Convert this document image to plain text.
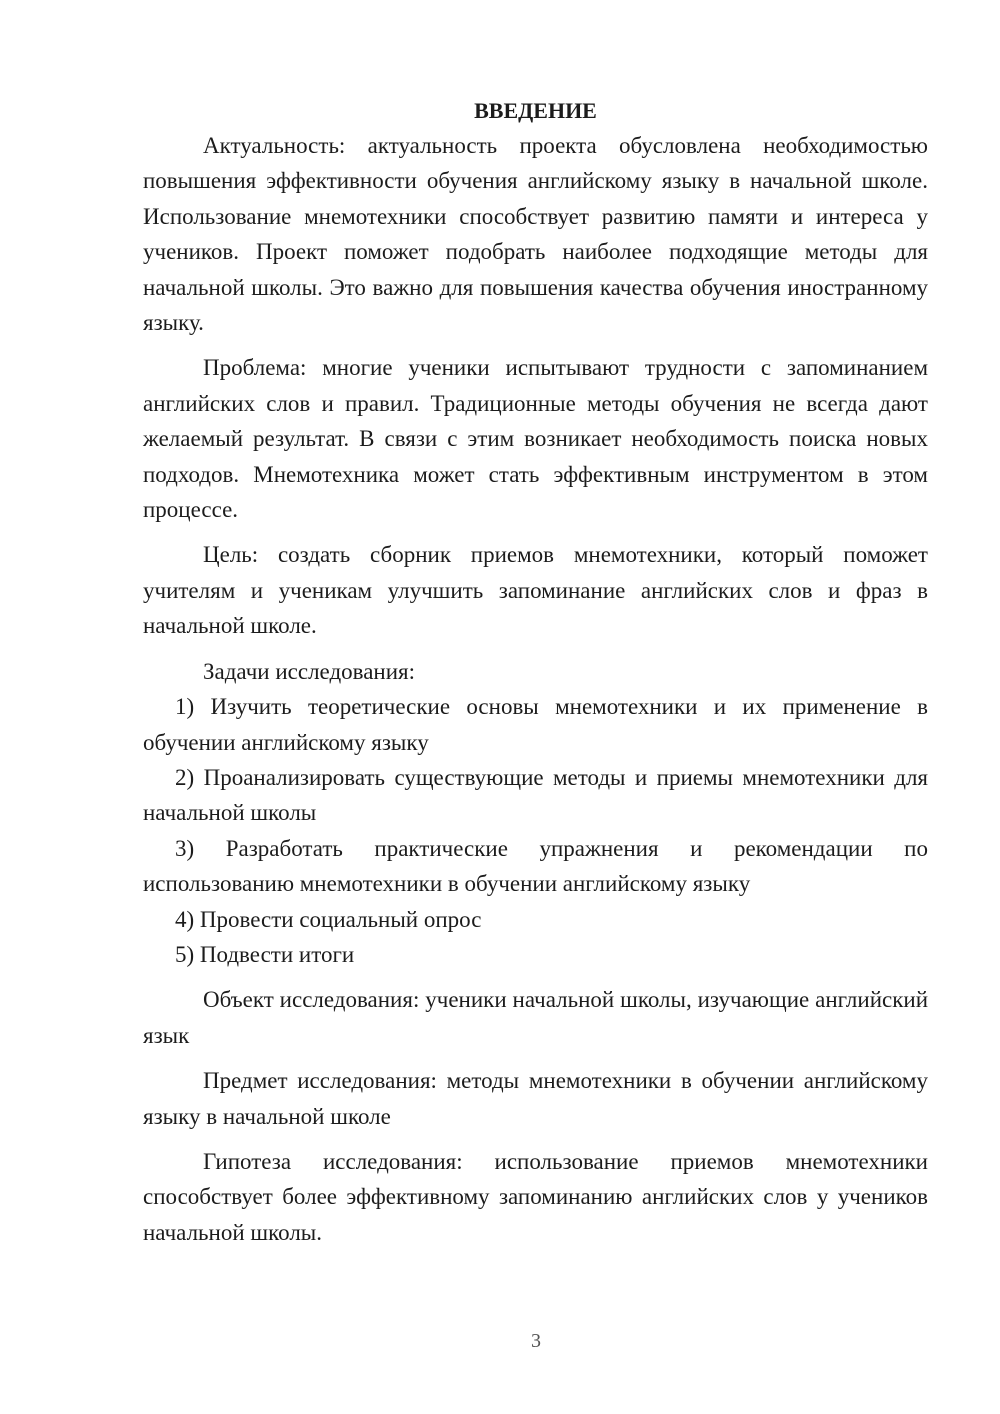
ВВЕДЕНИЕ

Актуальность: актуальность проекта обусловлена необходимостью повышения эффективности обучения английскому языку в начальной школе. Использование мнемотехники способствует развитию памяти и интереса у учеников. Проект поможет подобрать наиболее подходящие методы для начальной школы. Это важно для повышения качества обучения иностранному языку.

Проблема: многие ученики испытывают трудности с запоминанием английских слов и правил. Традиционные методы обучения не всегда дают желаемый результат. В связи с этим возникает необходимость поиска новых подходов. Мнемотехника может стать эффективным инструментом в этом процессе.

Цель: создать сборник приемов мнемотехники, который поможет учителям и ученикам улучшить запоминание английских слов и фраз в начальной школе.

Задачи исследования:

1) Изучить теоретические основы мнемотехники и их применение в обучении английскому языку

2) Проанализировать существующие методы и приемы мнемотехники для начальной школы

3) Разработать практические упражнения и рекомендации по использованию мнемотехники в обучении английскому языку

4) Провести социальный опрос

5) Подвести итоги

Объект исследования: ученики начальной школы, изучающие английский язык

Предмет исследования: методы мнемотехники в обучении английскому языку в начальной школе

Гипотеза исследования: использование приемов мнемотехники способствует более эффективному запоминанию английских слов у учеников начальной школы.

3
